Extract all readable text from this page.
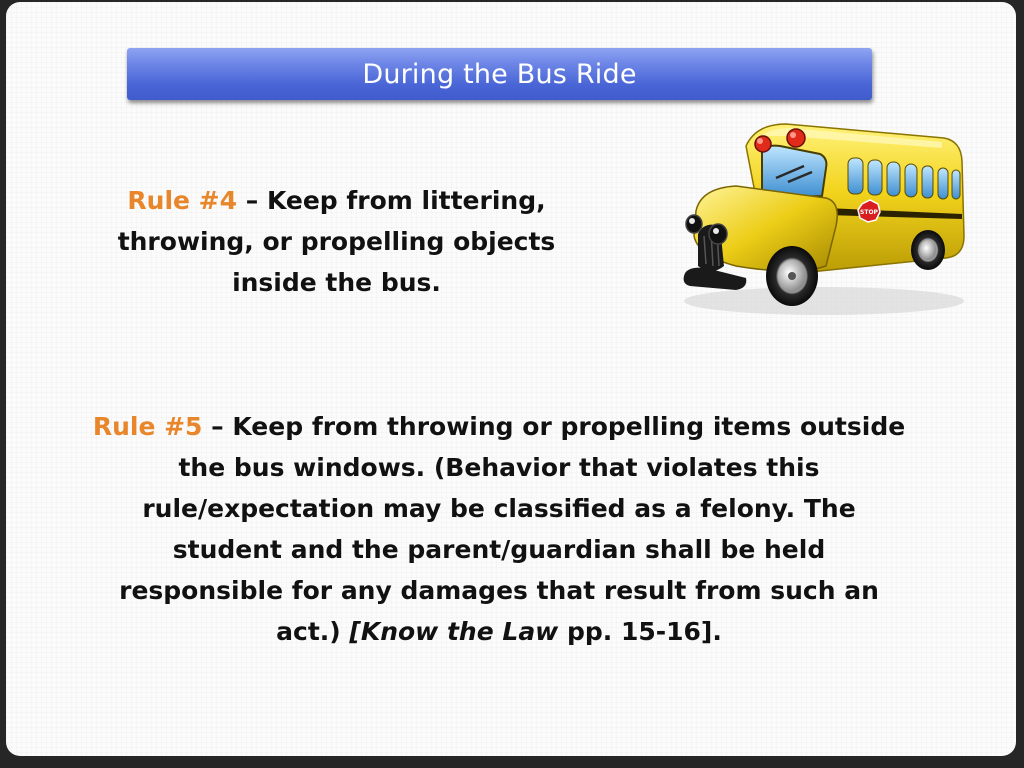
During the Bus Ride
Rule #4 – Keep from littering, throwing, or propelling objects inside the bus.
STOP
Rule #5 – Keep from throwing or propelling items outside the bus windows. (Behavior that violates this rule/expectation may be classified as a felony. The student and the parent/guardian shall be held responsible for any damages that result from such an act.) [Know the Law pp. 15-16].
